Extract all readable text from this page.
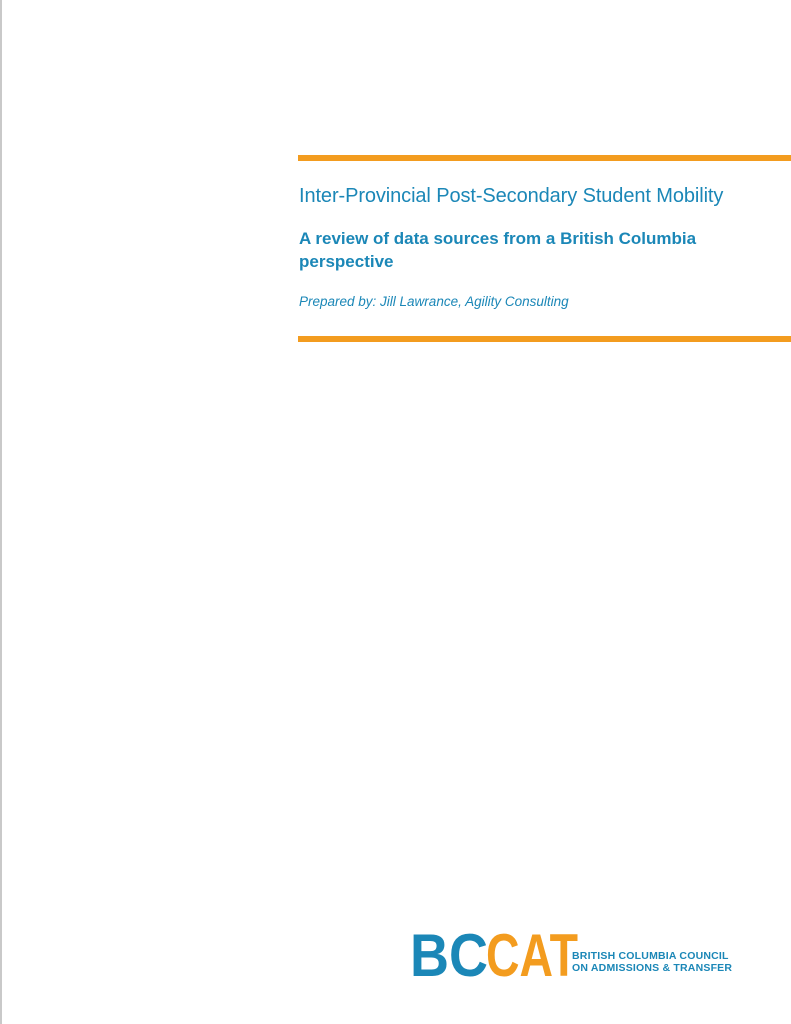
Inter-Provincial Post-Secondary Student Mobility
A review of data sources from a British Columbia perspective

Prepared by: Jill Lawrance, Agility Consulting

BC
CAT
BRITISH COLUMBIA COUNCIL
ON ADMISSIONS & TRANSFER
